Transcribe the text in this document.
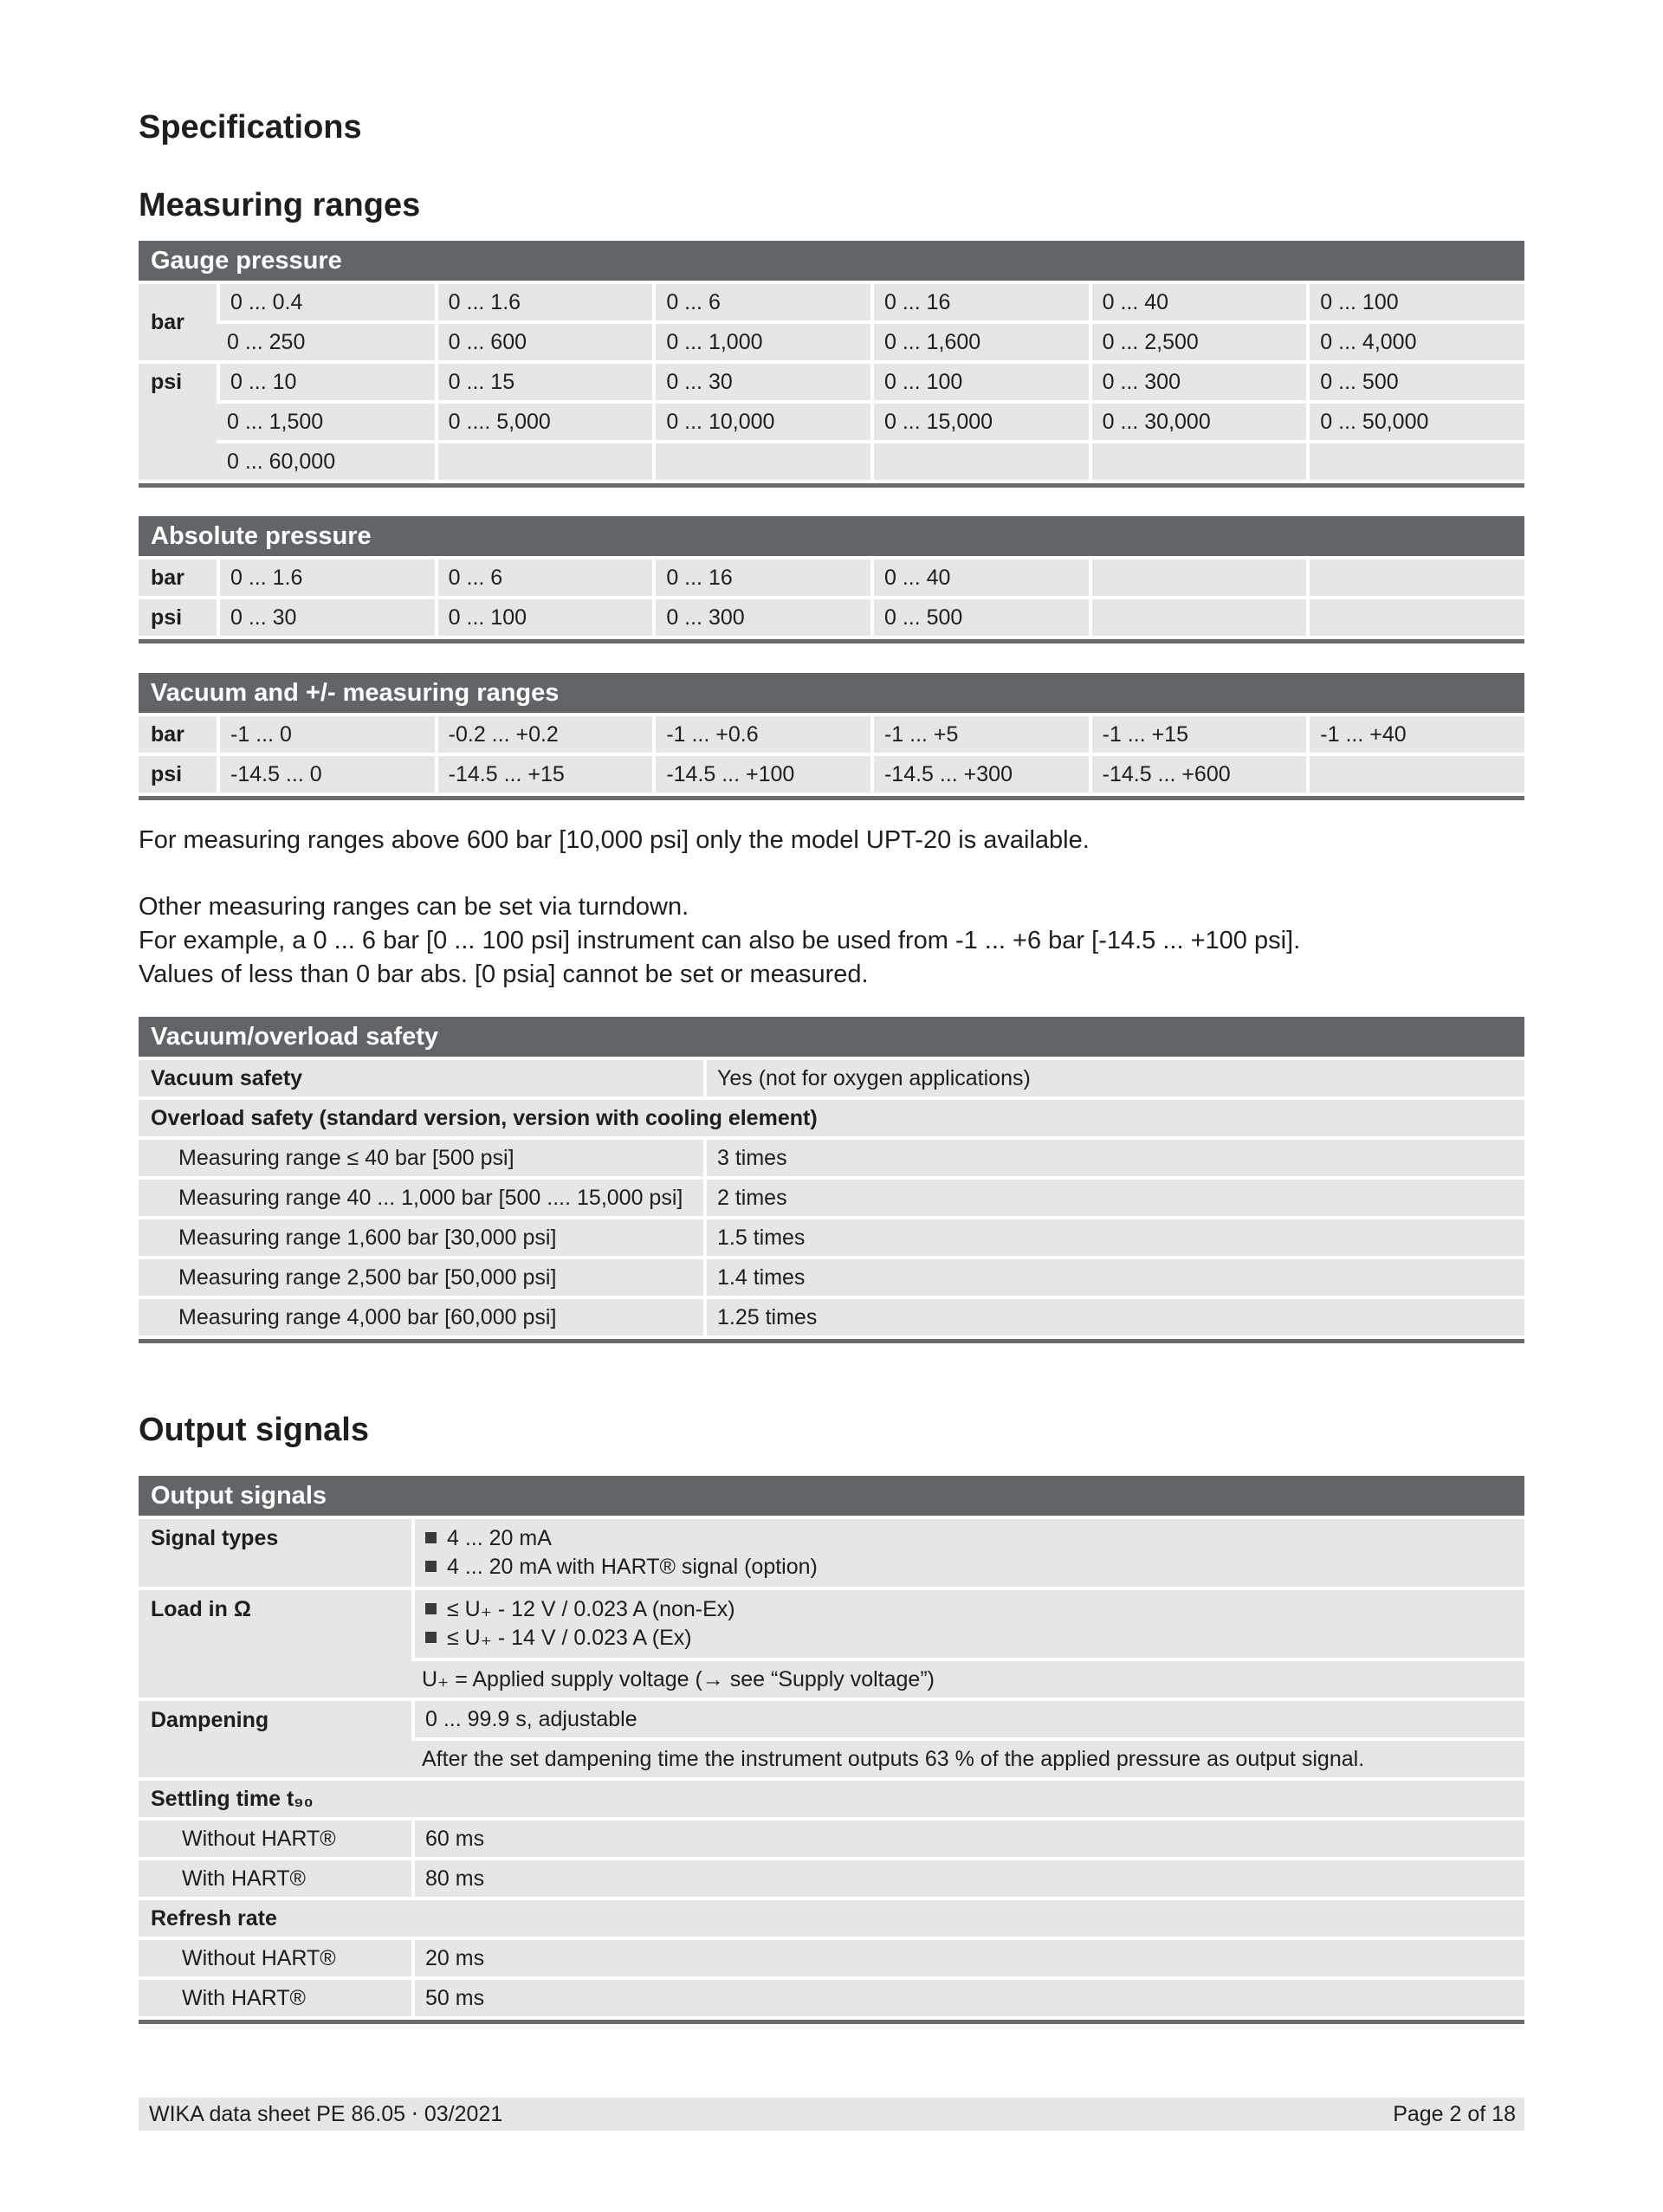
Specifications
Measuring ranges
Gauge pressure						
bar	0 ... 0.4	0 ... 1.6	0 ... 6	0 ... 16	0 ... 40	0 ... 100
	0 ... 250	0 ... 600	0 ... 1,000	0 ... 1,600	0 ... 2,500	0 ... 4,000
psi	0 ... 10	0 ... 15	0 ... 30	0 ... 100	0 ... 300	0 ... 500
	0 ... 1,500	0 .... 5,000	0 ... 10,000	0 ... 15,000	0 ... 30,000	0 ... 50,000
	0 ... 60,000					
Absolute pressure						
bar	0 ... 1.6	0 ... 6	0 ... 16	0 ... 40		
psi	0 ... 30	0 ... 100	0 ... 300	0 ... 500		
Vacuum and +/- measuring ranges						
bar	-1 ... 0	-0.2 ... +0.2	-1 ... +0.6	-1 ... +5	-1 ... +15	-1 ... +40
psi	-14.5 ... 0	-14.5 ... +15	-14.5 ... +100	-14.5 ... +300	-14.5 ... +600	
For measuring ranges above 600 bar [10,000 psi] only the model UPT-20 is available.
Other measuring ranges can be set via turndown.
For example, a 0 ... 6 bar [0 ... 100 psi] instrument can also be used from -1 ... +6 bar [-14.5 ... +100 psi].
Values of less than 0 bar abs. [0 psia] cannot be set or measured.
Vacuum/overload safety	
Vacuum safety	Yes (not for oxygen applications)
Overload safety (standard version, version with cooling element)	
Measuring range ≤ 40 bar [500 psi]	3 times
Measuring range 40 ... 1,000 bar [500 .... 15,000 psi]	2 times
Measuring range 1,600 bar [30,000 psi]	1.5 times
Measuring range 2,500 bar [50,000 psi]	1.4 times
Measuring range 4,000 bar [60,000 psi]	1.25 times
Output signals
Output signals	
Signal types	4 ... 20 mA
4 ... 20 mA with HART® signal (option)

Load in Ω	≤ U₊ - 12 V / 0.023 A (non-Ex)
≤ U₊ - 14 V / 0.023 A (Ex)

	U₊ = Applied supply voltage (→ see “Supply voltage”)
Dampening	0 ... 99.9 s, adjustable
	After the set dampening time the instrument outputs 63 % of the applied pressure as output signal.
Settling time t₉₀	
Without HART®	60 ms
With HART®	80 ms
Refresh rate	
Without HART®	20 ms
With HART®	50 ms
WIKA data sheet PE 86.05 ⋅ 03/2021	Page 2 of 18
